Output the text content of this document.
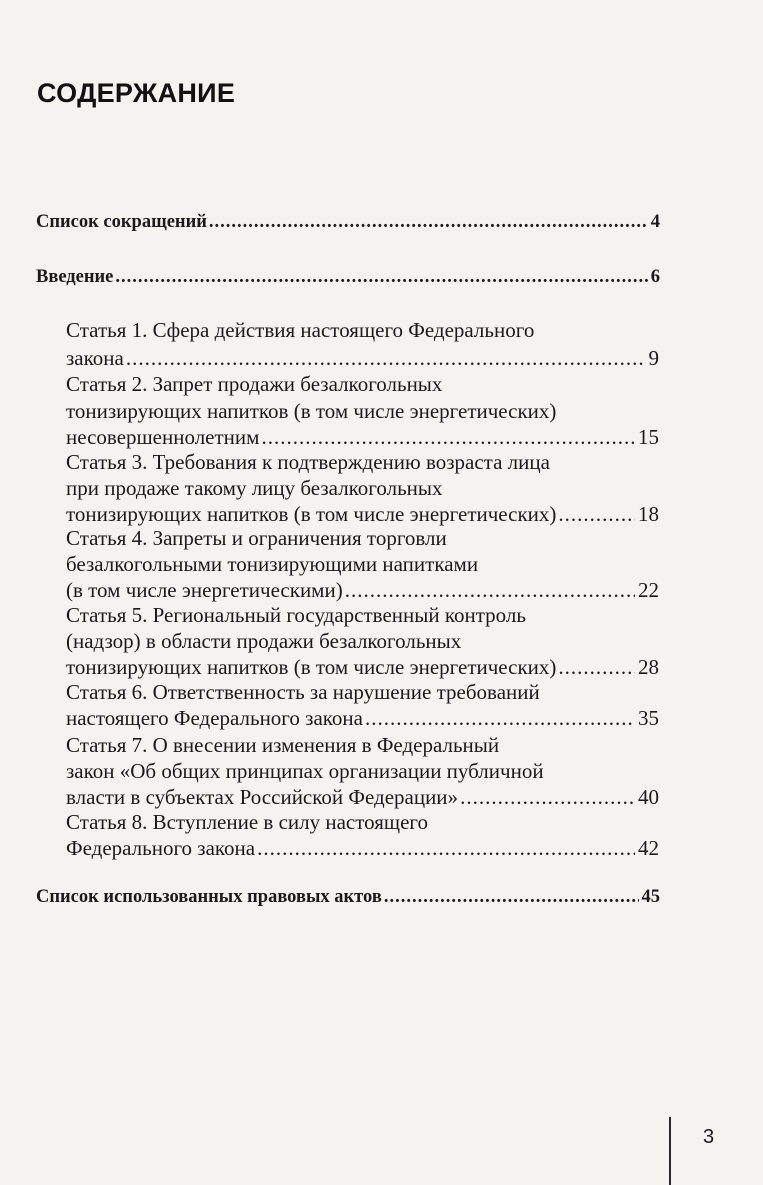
СОДЕРЖАНИЕ
Список сокращений .....	4
Введение .....	6
Статья 1. Сфера действия настоящего Федерального
закона .....	9
Статья 2. Запрет продажи безалкогольных
тонизирующих напитков (в том числе энергетических)
несовершеннолетним .....	15
Статья 3. Требования к подтверждению возраста лица
при продаже такому лицу безалкогольных
тонизирующих напитков (в том числе энергетических) .....	18
Статья 4. Запреты и ограничения торговли
безалкогольными тонизирующими напитками
(в том числе энергетическими) .....	22
Статья 5. Региональный государственный контроль
(надзор) в области продажи безалкогольных
тонизирующих напитков (в том числе энергетических) .....	28
Статья 6. Ответственность за нарушение требований
настоящего Федерального закона .....	35
Статья 7. О внесении изменения в Федеральный
закон «Об общих принципах организации публичной
власти в субъектах Российской Федерации» .....	40
Статья 8. Вступление в силу настоящего
Федерального закона .....	42
Список использованных правовых актов .....	45
3
